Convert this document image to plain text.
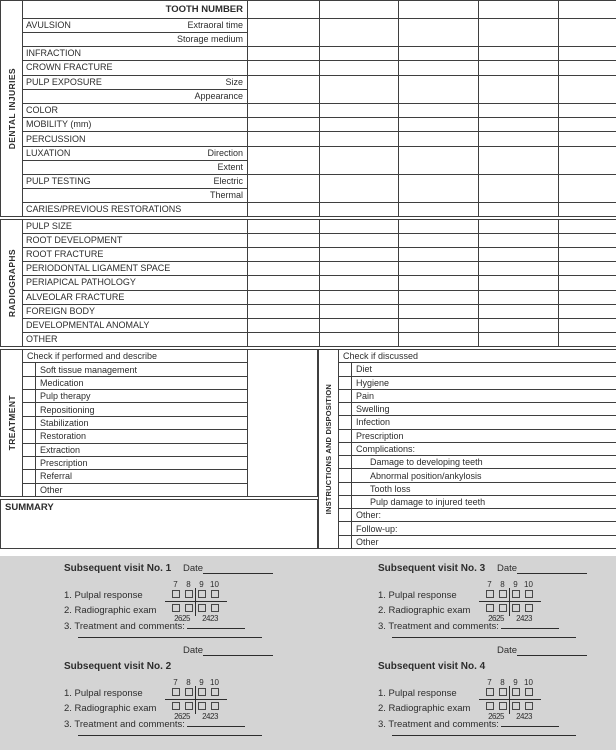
DENTAL INJURIES
TOOTH NUMBER
AVULSION	Extraoral time
Storage medium
INFRACTION
CROWN FRACTURE
PULP EXPOSURE	Size
Appearance
COLOR
MOBILITY (mm)
PERCUSSION
LUXATION	Direction
Extent
PULP TESTING	Electric
Thermal
CARIES/PREVIOUS RESTORATIONS
RADIOGRAPHS
PULP SIZE
ROOT DEVELOPMENT
ROOT FRACTURE
PERIODONTAL LIGAMENT SPACE
PERIAPICAL PATHOLOGY
ALVEOLAR FRACTURE
FOREIGN BODY
DEVELOPMENTAL ANOMALY
OTHER
TREATMENT
Check if performed and describe
Soft tissue management
Medication
Pulp therapy
Repositioning
Stabilization
Restoration
Extraction
Prescription
Referral
Other
SUMMARY	INSTRUCTIONS AND DISPOSITION
Check if discussed
Diet
Hygiene
Pain
Swelling
Infection
Prescription
Complications:
Damage to developing teeth
Abnormal position/ankylosis
Tooth loss
Pulp damage to injured teeth
Other:
Follow-up:
Other
Subsequent visit No. 1 Date
7	8	9 10
2625	2423
1. Pulpal response
2. Radiographic exam
3. Treatment and comments:
Subsequent visit No. 3 Date
7	8	9 10
2625	2423
1. Pulpal response
2. Radiographic exam
3. Treatment and comments:
Date
Subsequent visit No. 2
7	8	9 10
2625	2423
1. Pulpal response
2. Radiographic exam
3. Treatment and comments:
Date
Subsequent visit No. 4
7	8	9 10
2625	2423
1. Pulpal response
2. Radiographic exam
3. Treatment and comments:
